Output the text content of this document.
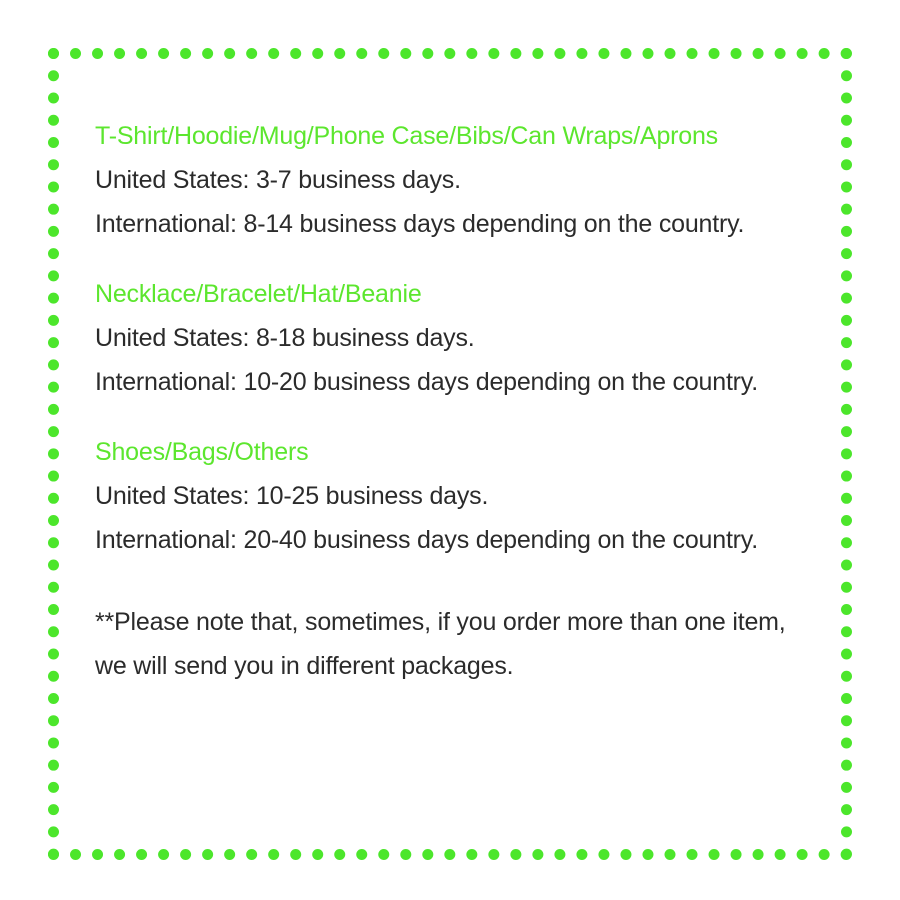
T-Shirt/Hoodie/Mug/Phone Case/Bibs/Can Wraps/Aprons
United States: 3-7 business days.
International: 8-14 business days depending on the country.
Necklace/Bracelet/Hat/Beanie
United States: 8-18 business days.
International: 10-20 business days depending on the country.
Shoes/Bags/Others
United States: 10-25 business days.
International: 20-40 business days depending on the country.
**Please note that, sometimes, if you order more than one item, we will send you in different packages.
